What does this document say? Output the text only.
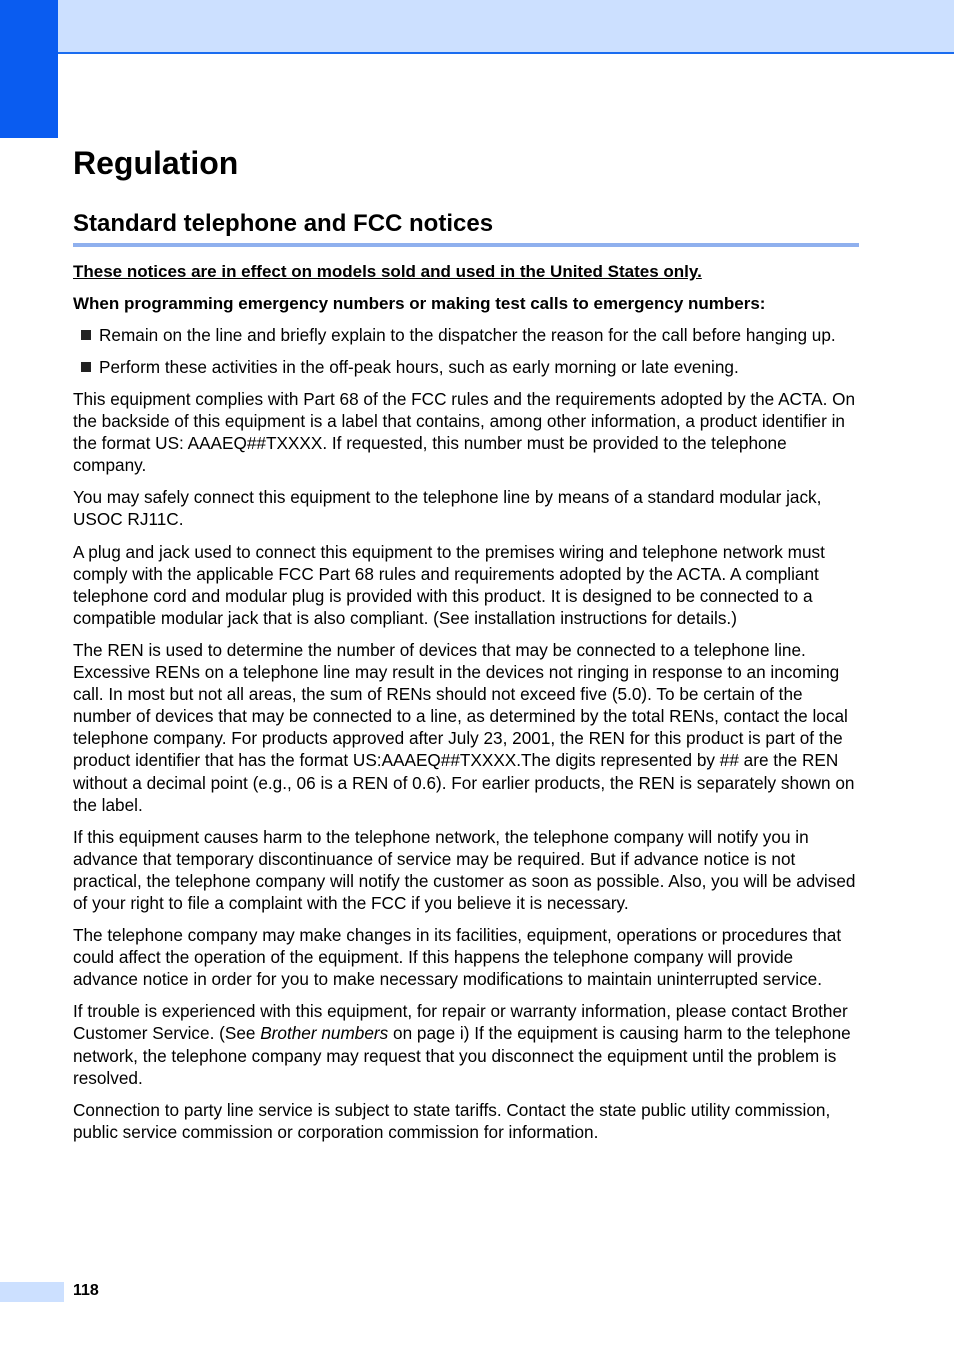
Regulation
Standard telephone and FCC notices

These notices are in effect on models sold and used in the United States only.

When programming emergency numbers or making test calls to emergency numbers:

Remain on the line and briefly explain to the dispatcher the reason for the call before hanging up.
Perform these activities in the off-peak hours, such as early morning or late evening.

This equipment complies with Part 68 of the FCC rules and the requirements adopted by the ACTA. On the backside of this equipment is a label that contains, among other information, a product identifier in the format US: AAAEQ##TXXXX. If requested, this number must be provided to the telephone company.

You may safely connect this equipment to the telephone line by means of a standard modular jack, USOC RJ11C.

A plug and jack used to connect this equipment to the premises wiring and telephone network must comply with the applicable FCC Part 68 rules and requirements adopted by the ACTA. A compliant telephone cord and modular plug is provided with this product. It is designed to be connected to a compatible modular jack that is also compliant. (See installation instructions for details.)

The REN is used to determine the number of devices that may be connected to a telephone line. Excessive RENs on a telephone line may result in the devices not ringing in response to an incoming call. In most but not all areas, the sum of RENs should not exceed five (5.0). To be certain of the number of devices that may be connected to a line, as determined by the total RENs, contact the local telephone company. For products approved after July 23, 2001, the REN for this product is part of the product identifier that has the format US:AAAEQ##TXXXX.The digits represented by ## are the REN without a decimal point (e.g., 06 is a REN of 0.6). For earlier products, the REN is separately shown on the label.

If this equipment causes harm to the telephone network, the telephone company will notify you in advance that temporary discontinuance of service may be required. But if advance notice is not practical, the telephone company will notify the customer as soon as possible. Also, you will be advised of your right to file a complaint with the FCC if you believe it is necessary.

The telephone company may make changes in its facilities, equipment, operations or procedures that could affect the operation of the equipment. If this happens the telephone company will provide advance notice in order for you to make necessary modifications to maintain uninterrupted service.

If trouble is experienced with this equipment, for repair or warranty information, please contact Brother Customer Service. (See Brother numbers on page i) If the equipment is causing harm to the telephone network, the telephone company may request that you disconnect the equipment until the problem is resolved.

Connection to party line service is subject to state tariffs. Contact the state public utility commission, public service commission or corporation commission for information.

118
